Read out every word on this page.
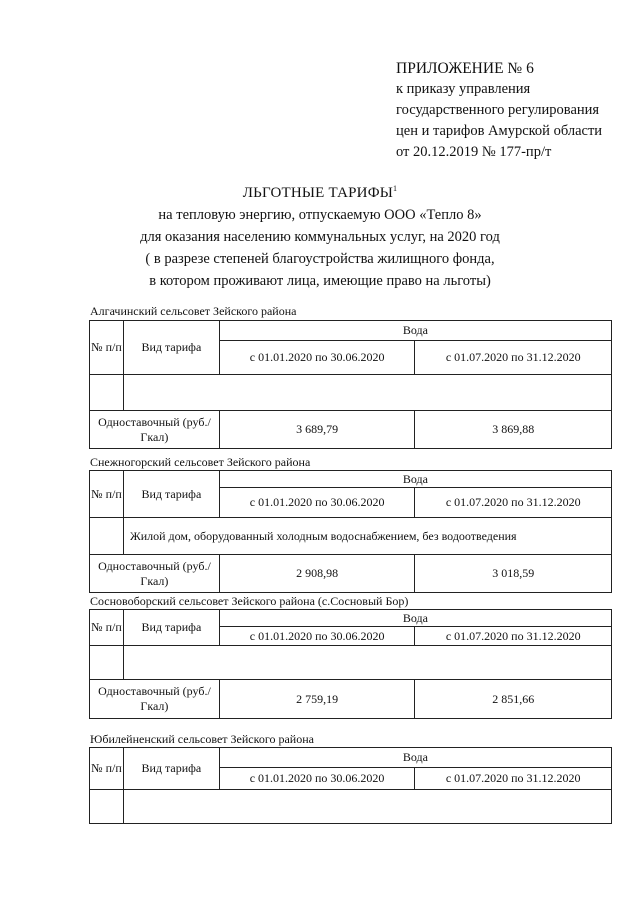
ПРИЛОЖЕНИЕ № 6
к приказу управления
государственного регулирования
цен и тарифов Амурской области
от 20.12.2019 № 177-пр/т
ЛЬГОТНЫЕ ТАРИФЫ$^1$
на тепловую энергию, отпускаемую ООО «Тепло 8»
для оказания населению коммунальных услуг, на 2020 год
( в разрезе степеней благоустройства жилищного фонда,
в котором проживают лица, имеющие право на льготы)
Алгачинский сельсовет Зейского района
№ п/п	Вид тарифа	Вода	
		с 01.01.2020 по 30.06.2020	с 01.07.2020 по 31.12.2020

Одноставочный (руб./Гкал)		3 689,79	3 869,88
Снежногорский сельсовет Зейского района
№ п/п	Вид тарифа	Вода	
		с 01.01.2020 по 30.06.2020	с 01.07.2020 по 31.12.2020
	Жилой дом, оборудованный холодным водоснабжением, без водоотведения		
Одноставочный (руб./Гкал)		2 908,98	3 018,59
Сосновоборский сельсовет Зейского района (с.Сосновый Бор)
№ п/п	Вид тарифа	Вода	
		с 01.01.2020 по 30.06.2020	с 01.07.2020 по 31.12.2020

Одноставочный (руб./Гкал)		2 759,19	2 851,66
Юбилейненский сельсовет Зейского района
№ п/п	Вид тарифа	Вода	
		с 01.01.2020 по 30.06.2020	с 01.07.2020 по 31.12.2020
